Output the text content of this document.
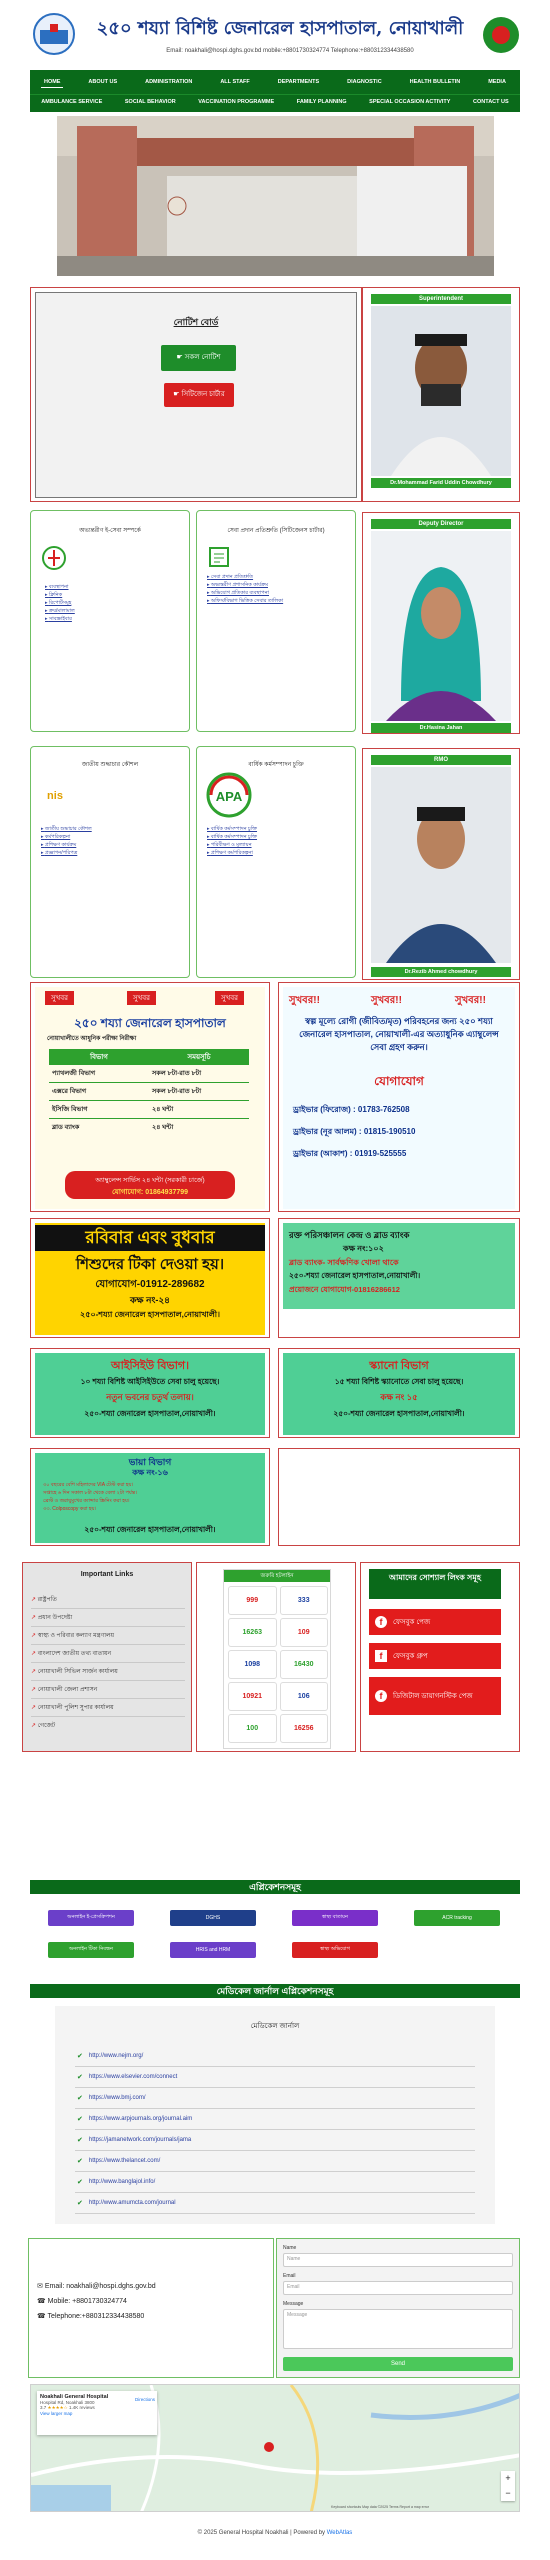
২৫০ শয্যা বিশিষ্ট জেনারেল হাসপাতাল, নোয়াখালী
Email: noakhali@hospi.dghs.gov.bd mobile:+8801730324774 Telephone:+880312334438580
HOME	ABOUT US	ADMINISTRATION	ALL STAFF	DEPARTMENTS	DIAGNOSTIC	HEALTH BULLETIN	MEDIA
AMBULANCE SERVICE	SOCIAL BEHAVIOR	VACCINATION PROGRAMME	FAMILY PLANNING	SPECIAL OCCASION ACTIVITY	CONTACT US
নোটিশ বোর্ড
☛ সকল নোটিশ
☛ সিটিজেন চার্টার
Superintendent
Dr.Mohammad Farid Uddin Chowdhury
Deputy Director
Dr.Hasina Jahan
RMO
Dr.Rezib Ahmed chowdhury
অভ্যন্তরীণ ই-সেবা সম্পর্কে
▸ ব্যবস্থাপনা
▸ ক্লিনিক
▸ রিপোর্টসমূহ
▸ ক্রয়/মালামাল
▸ সাবস্ক্রাইবার
সেবা প্রদান প্রতিশ্রুতি (সিটিজেনস চার্টার)
▸ সেবা প্রদান প্রতিশ্রুতি
▸ অভ্যন্তরীণ প্রশাসনিক কার্যক্রম
▸ অভিযোগ প্রতিকার ব্যবস্থাপনা
▸ অফিস/বিভাগ ভিত্তিক সেবার তালিকা
জাতীয় শুদ্ধাচার কৌশল
nis
▸ জাতীয় শুদ্ধাচার কৌশল
▸ কর্মপরিকল্পনা
▸ প্রশিক্ষণ কার্যক্রম
▸ প্রজ্ঞাপন/পরিপত্র
বার্ষিক কর্মসম্পাদন চুক্তি
APA
▸ বার্ষিক কর্মসম্পাদন চুক্তি
▸ বার্ষিক কর্মসম্পাদন চুক্তি
▸ পরিবীক্ষণ ও মূল্যায়ন
▸ প্রশিক্ষণ কর্মপরিকল্পনা
সুখবর	সুখবর	সুখবর
২৫০ শয্যা জেনারেল হাসপাতাল
নোয়াখালীতে আধুনিক পরীক্ষা নিরীক্ষা
বিভাগ	সময়সূচি
প্যাথলজী বিভাগ	সকল ৮টা-রাত ৮টা
এক্সরে বিভাগ	সকল ৮টা-রাত ৮টা
ইসিজি বিভাগ	২৪ ঘন্টা
ব্লাড ব্যাংক	২৪ ঘন্টা
অ্যাম্বুলেন্স সার্ভিস ২৪ ঘন্টা (সরকারী চার্জে)
যোগাযোগ: 01864937799
সুখবর!!	সুখবর!!	সুখবর!!
স্বল্প মূল্যে রোগী (জীবিত/মৃত) পরিবহনের জন্য ২৫০ শয্যা জেনারেল হাসপাতাল, নোয়াখালী-এর অত্যাধুনিক এ্যাম্বুলেন্স সেবা গ্রহণ করুন।
যোগাযোগ
ড্রাইভার (ফিরোজ) : 01783-762508
ড্রাইভার (নূর আলম) : 01815-190510
ড্রাইভার (আকাশ) : 01919-525555
রবিবার এবং বুধবার
শিশুদের টিকা দেওয়া হয়।
যোগাযোগ-01912-289682
কক্ষ নং-২৪
২৫০-শয্যা জেনারেল হাসপাতাল,নোয়াখালী।
রক্ত পরিসঞ্চালন কেন্দ্র ও ব্লাড ব্যাংক
কক্ষ নং:১০২
ব্লাড ব্যাংক- সার্বক্ষণিক খোলা থাকে
২৫০-শয্যা জেনারেল হাসপাতাল,নোয়াখালী।
প্রয়োজনে যোগাযোগ-01816286612
আইসিইউ বিভাগ।
১০ শয্যা বিশিষ্ট আইসিইউতে সেবা চালু হয়েছে।
নতুন ভবনের চতুর্থ তলায়।
২৫০-শয্যা জেনারেল হাসপাতাল,নোয়াখালী।
স্ক্যানো বিভাগ
১৫ শয্যা বিশিষ্ট স্ক্যানোতে সেবা চালু হয়েছে।
কক্ষ নং ১৫
২৫০-শয্যা জেনারেল হাসপাতাল,নোয়াখালী।
ভায়া বিভাগ
কক্ষ নং-১৬
৩০ বছরের বেশি মহিলাদের VIA টেস্ট করা হয়।
সপ্তাহে ৬ দিন সকাল ৮টা থেকে বেলা ২টা পর্যন্ত।
ব্রেস্ট ও জরায়ুমুখের ক্যান্সার স্ক্রিনিং করা হয়।
৩৩. Colposcopy করা হয়।
২৫০-শয্যা জেনারেল হাসপাতাল,নোয়াখালী।
Important Links
↗ রাষ্ট্রপতি
↗ প্রধান উপদেষ্টা
↗ স্বাস্থ্য ও পরিবার কল্যাণ মন্ত্রণালয়
↗ বাংলাদেশ জাতীয় তথ্য বাতায়ন
↗ নোয়াখালী সিভিল সার্জন কার্যালয়
↗ নোয়াখালী জেলা প্রশাসন
↗ নোয়াখালী পুলিশ সুপার কার্যালয়
↗ গেজেট
জরুরি হটলাইন
999	333
16263	109
1098	16430
10921	106
100	16256
আমাদের সোশ্যাল লিংক সমূহ
f	ফেসবুক পেজ
f	ফেসবুক গ্রুপ
f	ডিজিটাল ডায়াগনস্টিক পেজ
এপ্লিকেশনসমূহ
অনলাইন ই-প্রেসক্রিপশন	DGHS	স্বাস্থ্য বাতায়ন	ACR tracking
অনলাইন টিকা নিবন্ধন	HRIS and HRM	স্বাস্থ্য অভিযোগ
মেডিকেল জার্নাল এপ্লিকেশনসমূহ
মেডিকেল জার্নাল
✔ http://www.nejm.org/
✔ https://www.elsevier.com/connect
✔ https://www.bmj.com/
✔ https://www.arpjournals.org/journal.aim
✔ https://jamanetwork.com/journals/jama
✔ https://www.thelancet.com/
✔ http://www.banglajol.info/
✔ http://www.amumcta.com/journal
✉ Email: noakhali@hospi.dghs.gov.bd
☎ Mobile: +8801730324774
☎ Telephone:+880312334438580
Name
Name
Email
Email
Message
Message
Send
Noakhali General Hospital
Hospital Rd, Noakhali 3800
3.7 ★★★★☆ 1.4K reviews
View larger map
Directions
+
−
Keyboard shortcuts Map data ©2025 Terms Report a map error
© 2025 General Hospital Noakhali | Powered by WebAtlas
